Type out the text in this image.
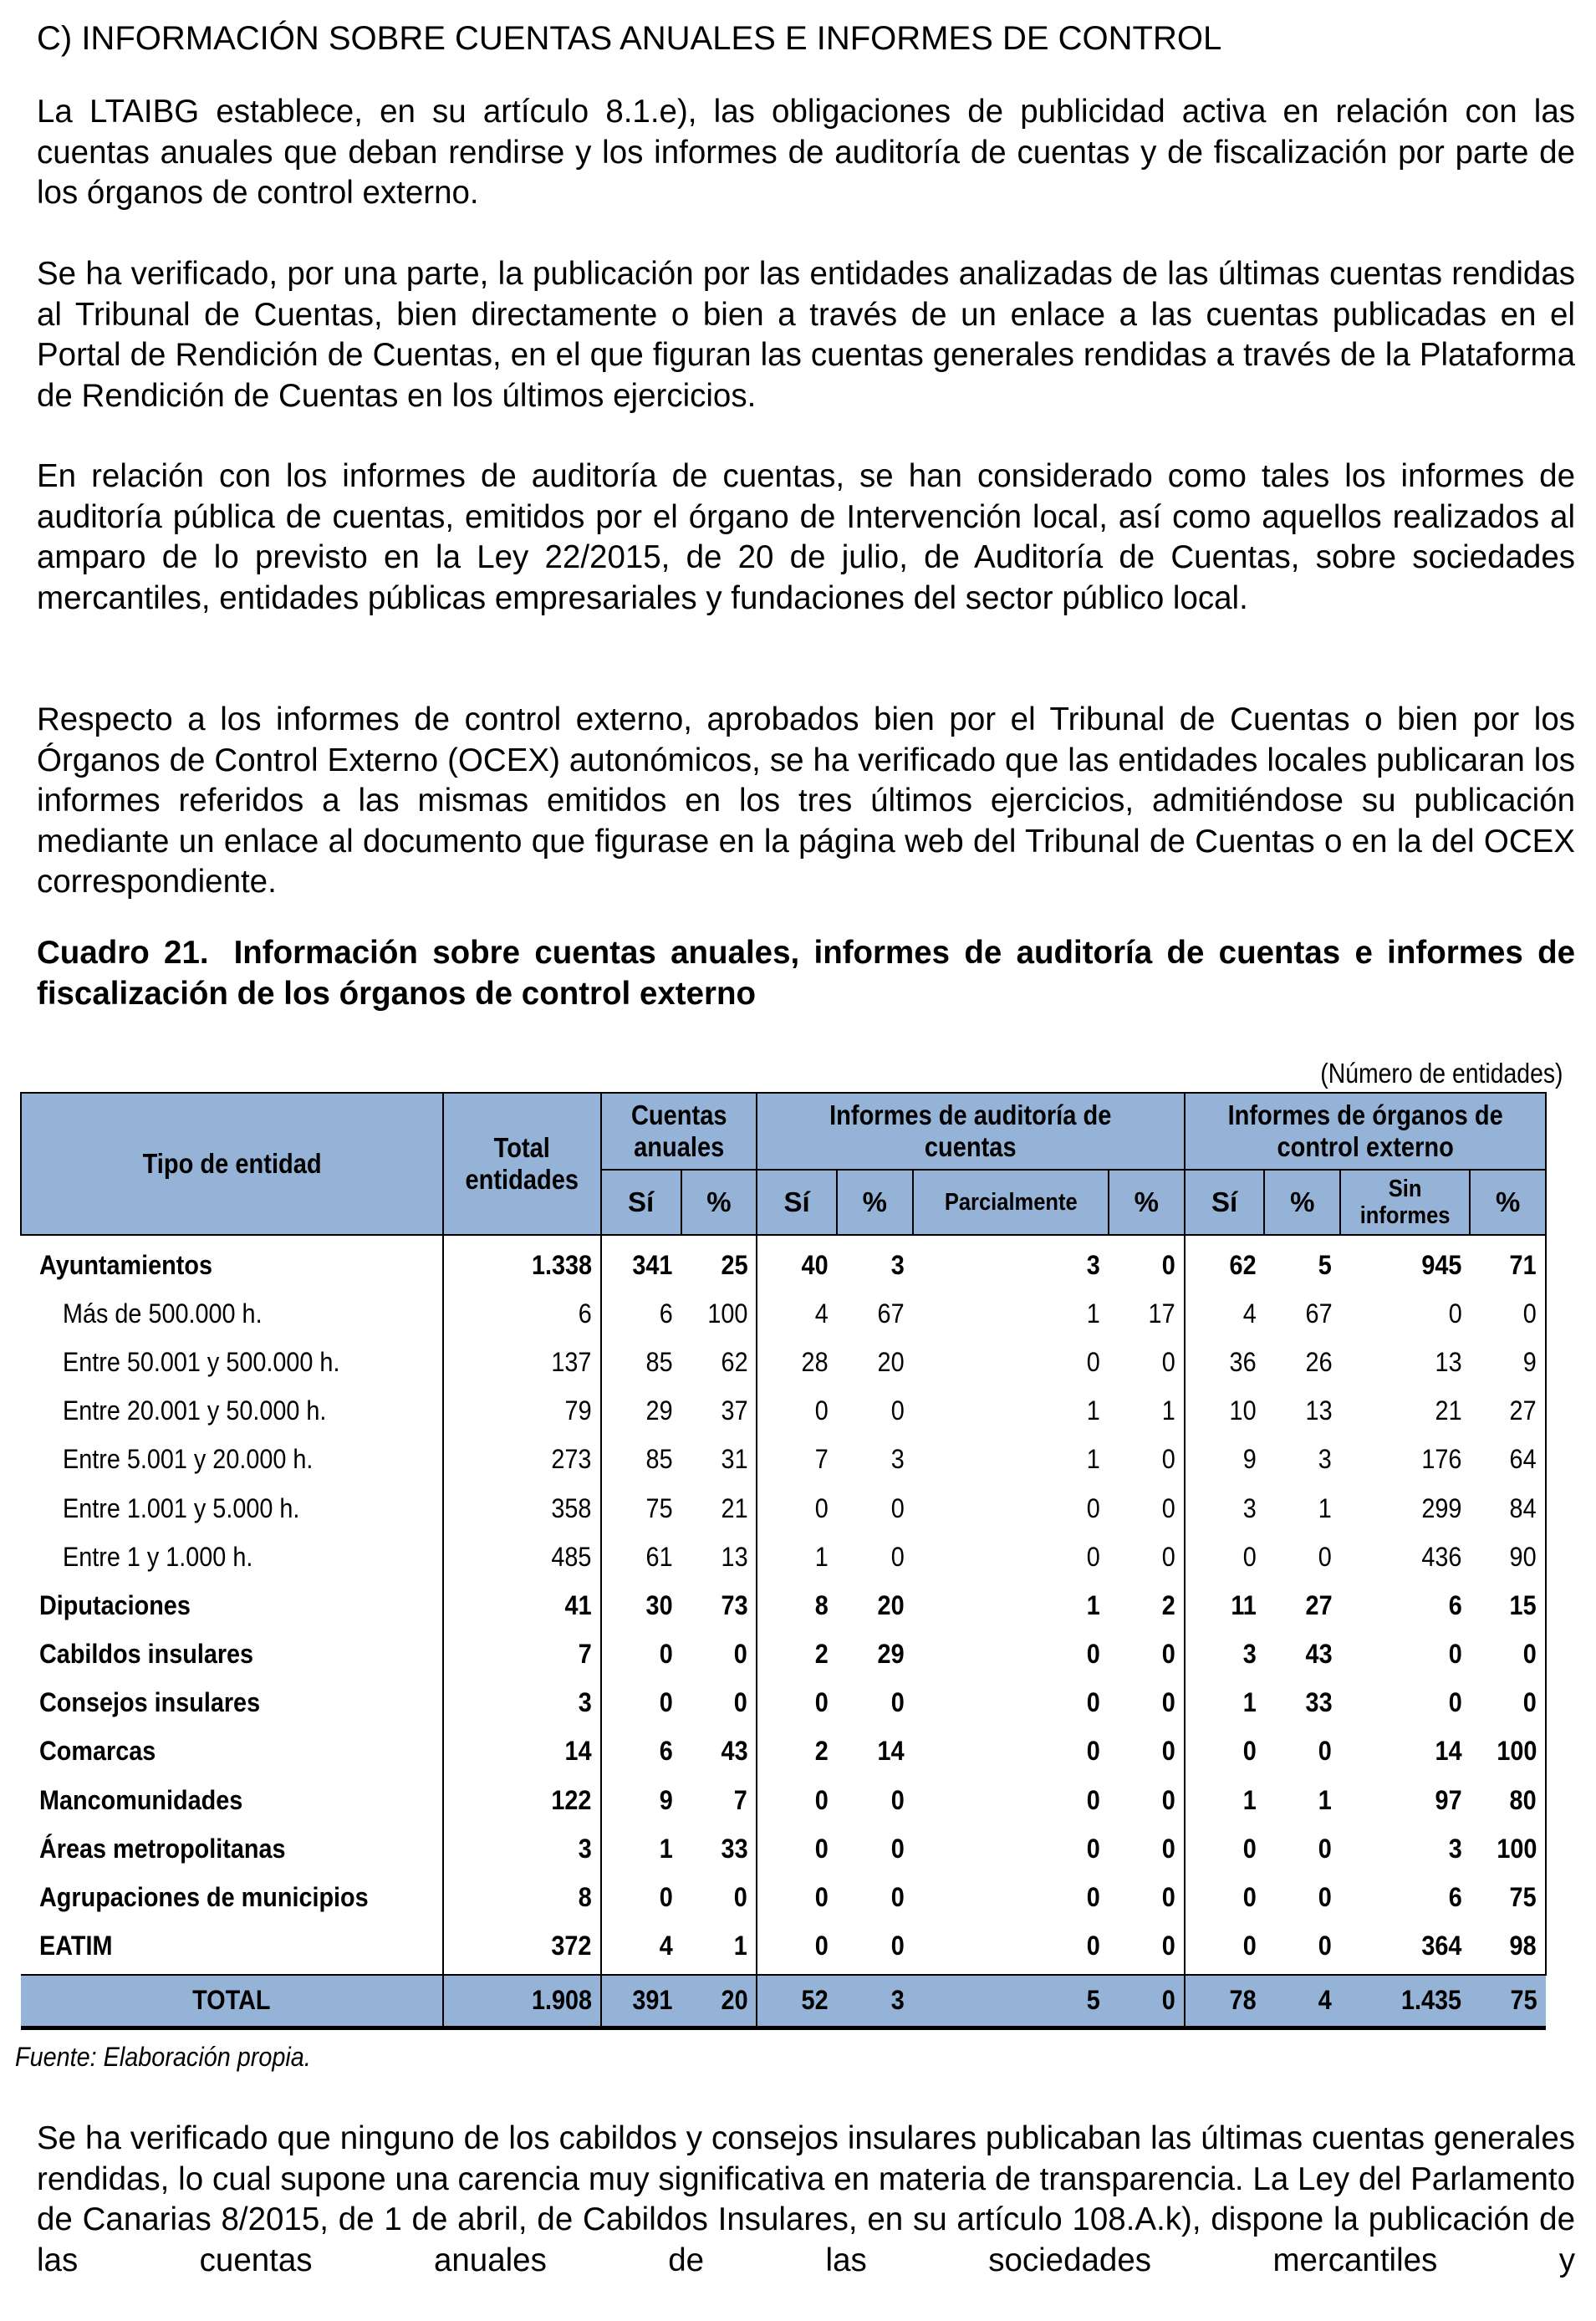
C) INFORMACIÓN SOBRE CUENTAS ANUALES E INFORMES DE CONTROL

La LTAIBG establece, en su artículo 8.1.e), las obligaciones de publicidad activa en relación con las cuentas anuales que deban rendirse y los informes de auditoría de cuentas y de fiscalización por parte de los órganos de control externo.

Se ha verificado, por una parte, la publicación por las entidades analizadas de las últimas cuentas rendidas al Tribunal de Cuentas, bien directamente o bien a través de un enlace a las cuentas publicadas en el Portal de Rendición de Cuentas, en el que figuran las cuentas generales rendidas a través de la Plataforma de Rendición de Cuentas en los últimos ejercicios.

En relación con los informes de auditoría de cuentas, se han considerado como tales los informes de auditoría pública de cuentas, emitidos por el órgano de Intervención local, así como aquellos realizados al amparo de lo previsto en la Ley 22/2015, de 20 de julio, de Auditoría de Cuentas, sobre sociedades mercantiles, entidades públicas empresariales y fundaciones del sector público local.

Respecto a los informes de control externo, aprobados bien por el Tribunal de Cuentas o bien por los Órganos de Control Externo (OCEX) autonómicos, se ha verificado que las entidades locales publicaran los informes referidos a las mismas emitidos en los tres últimos ejercicios, admitiéndose su publicación mediante un enlace al documento que figurase en la página web del Tribunal de Cuentas o en la del OCEX correspondiente.

Cuadro 21. Información sobre cuentas anuales, informes de auditoría de cuentas e informes de fiscalización de los órganos de control externo

(Número de entidades)
Tipo de entidad	Total entidades	Cuentas anuales		Informes de auditoría de cuentas				Informes de órganos de control externo			
		Sí	%	Sí	%	Parcialmente	%	Sí	%	Sin informes	%
Ayuntamientos	1.338	341	25	40	3	3	0	62	5	945	71
Más de 500.000 h.	6	6	100	4	67	1	17	4	67	0	0
Entre 50.001 y 500.000 h.	137	85	62	28	20	0	0	36	26	13	9
Entre 20.001 y 50.000 h.	79	29	37	0	0	1	1	10	13	21	27
Entre 5.001 y 20.000 h.	273	85	31	7	3	1	0	9	3	176	64
Entre 1.001 y 5.000 h.	358	75	21	0	0	0	0	3	1	299	84
Entre 1 y 1.000 h.	485	61	13	1	0	0	0	0	0	436	90
Diputaciones	41	30	73	8	20	1	2	11	27	6	15
Cabildos insulares	7	0	0	2	29	0	0	3	43	0	0
Consejos insulares	3	0	0	0	0	0	0	1	33	0	0
Comarcas	14	6	43	2	14	0	0	0	0	14	100
Mancomunidades	122	9	7	0	0	0	0	1	1	97	80
Áreas metropolitanas	3	1	33	0	0	0	0	0	0	3	100
Agrupaciones de municipios	8	0	0	0	0	0	0	0	0	6	75
EATIM	372	4	1	0	0	0	0	0	0	364	98
TOTAL	1.908	391	20	52	3	5	0	78	4	1.435	75
Fuente: Elaboración propia.

Se ha verificado que ninguno de los cabildos y consejos insulares publicaban las últimas cuentas generales rendidas, lo cual supone una carencia muy significativa en materia de transparencia. La Ley del Parlamento de Canarias 8/2015, de 1 de abril, de Cabildos Insulares, en su artículo 108.A.k), dispone la publicación de las cuentas anuales de las sociedades mercantiles y
